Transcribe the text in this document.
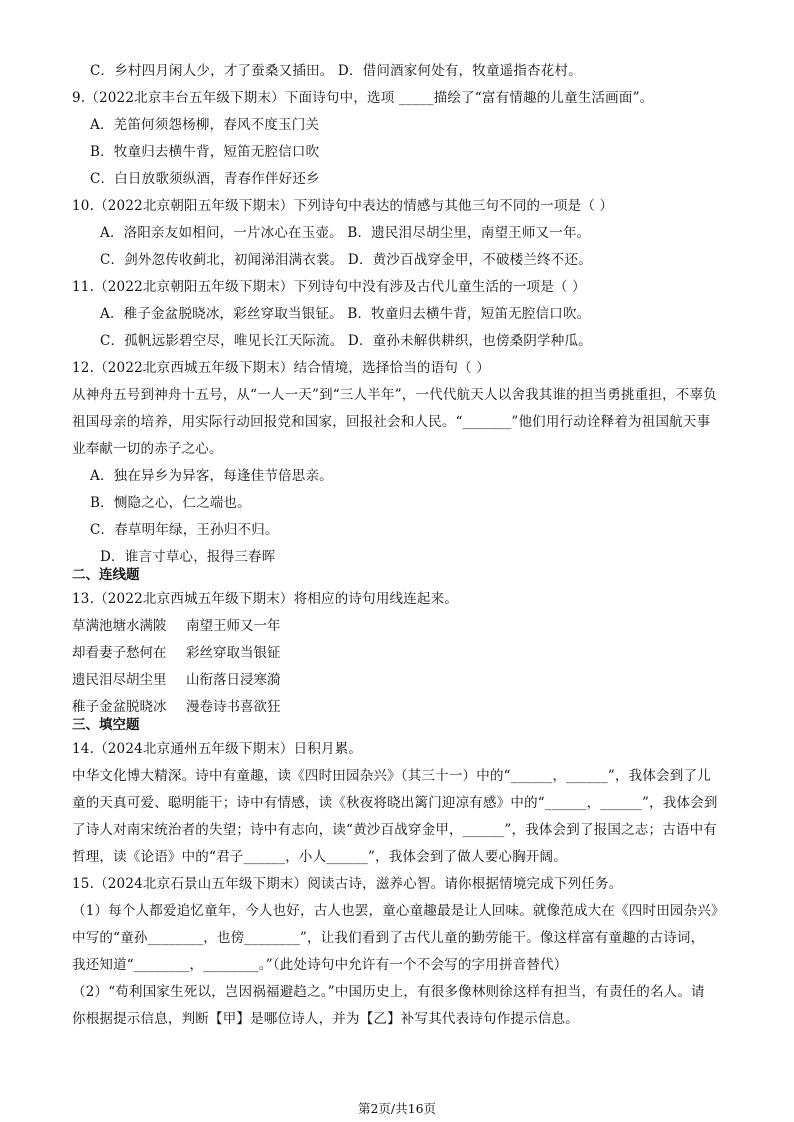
C．乡村四月闲人少，才了蚕桑又插田。 D．借问酒家何处有，牧童遥指杏花村。
9.（2022北京丰台五年级下期末）下面诗句中，选项 _____描绘了“富有情趣的儿童生活画面”。
A．羌笛何须怨杨柳，春风不度玉门关
B．牧童归去横牛背，短笛无腔信口吹
C．白日放歌须纵酒，青春作伴好还乡
10.（2022北京朝阳五年级下期末）下列诗句中表达的情感与其他三句不同的一项是（ ）
A．洛阳亲友如相问，一片冰心在玉壶。 B．遗民泪尽胡尘里，南望王师又一年。
C．剑外忽传收蓟北，初闻涕泪满衣裳。 D．黄沙百战穿金甲，不破楼兰终不还。
11.（2022北京朝阳五年级下期末）下列诗句中没有涉及古代儿童生活的一项是（ ）
A．稚子金盆脱晓冰，彩丝穿取当银钲。 B．牧童归去横牛背，短笛无腔信口吹。
C．孤帆远影碧空尽，唯见长江天际流。 D．童孙未解供耕织，也傍桑阴学种瓜。
12.（2022北京西城五年级下期末）结合情境，选择恰当的语句（ ）
从神舟五号到神舟十五号，从“一人一天”到“三人半年”，一代代航天人以舍我其谁的担当勇挑重担，不辜负
祖国母亲的培养，用实际行动回报党和国家，回报社会和人民。“_______”他们用行动诠释着为祖国航天事
业奉献一切的赤子之心。
A．独在异乡为异客，每逢佳节倍思亲。
B．恻隐之心，仁之端也。
C．春草明年绿，王孙归不归。
D．谁言寸草心，报得三春晖
二、连线题
13.（2022北京西城五年级下期末）将相应的诗句用线连起来。
草满池塘水满陂 南望王师又一年
却看妻子愁何在 彩丝穿取当银钲
遗民泪尽胡尘里 山衔落日浸寒漪
稚子金盆脱晓冰 漫卷诗书喜欲狂
三、填空题
14.（2024北京通州五年级下期末）日积月累。
中华文化博大精深。诗中有童趣，读《四时田园杂兴》（其三十一）中的“______，______”，我体会到了儿
童的天真可爱、聪明能干；诗中有情感，读《秋夜将晓出篱门迎凉有感》中的“______，______”，我体会到
了诗人对南宋统治者的失望；诗中有志向，读“黄沙百战穿金甲，______”，我体会到了报国之志；古语中有
哲理，读《论语》中的“君子______，小人______”，我体会到了做人要心胸开阔。
15.（2024北京石景山五年级下期末）阅读古诗，滋养心智。请你根据情境完成下列任务。
（1）每个人都爱追忆童年，今人也好，古人也罢，童心童趣最是让人回味。就像范成大在《四时田园杂兴》
中写的“童孙________，也傍________”，让我们看到了古代儿童的勤劳能干。像这样富有童趣的古诗词，
我还知道“________，________。”（此处诗句中允许有一个不会写的字用拼音替代）
（2）“苟利国家生死以，岂因祸福避趋之。”中国历史上，有很多像林则徐这样有担当，有责任的名人。请
你根据提示信息，判断【甲】是哪位诗人，并为【乙】补写其代表诗句作提示信息。
第2页/共16页
